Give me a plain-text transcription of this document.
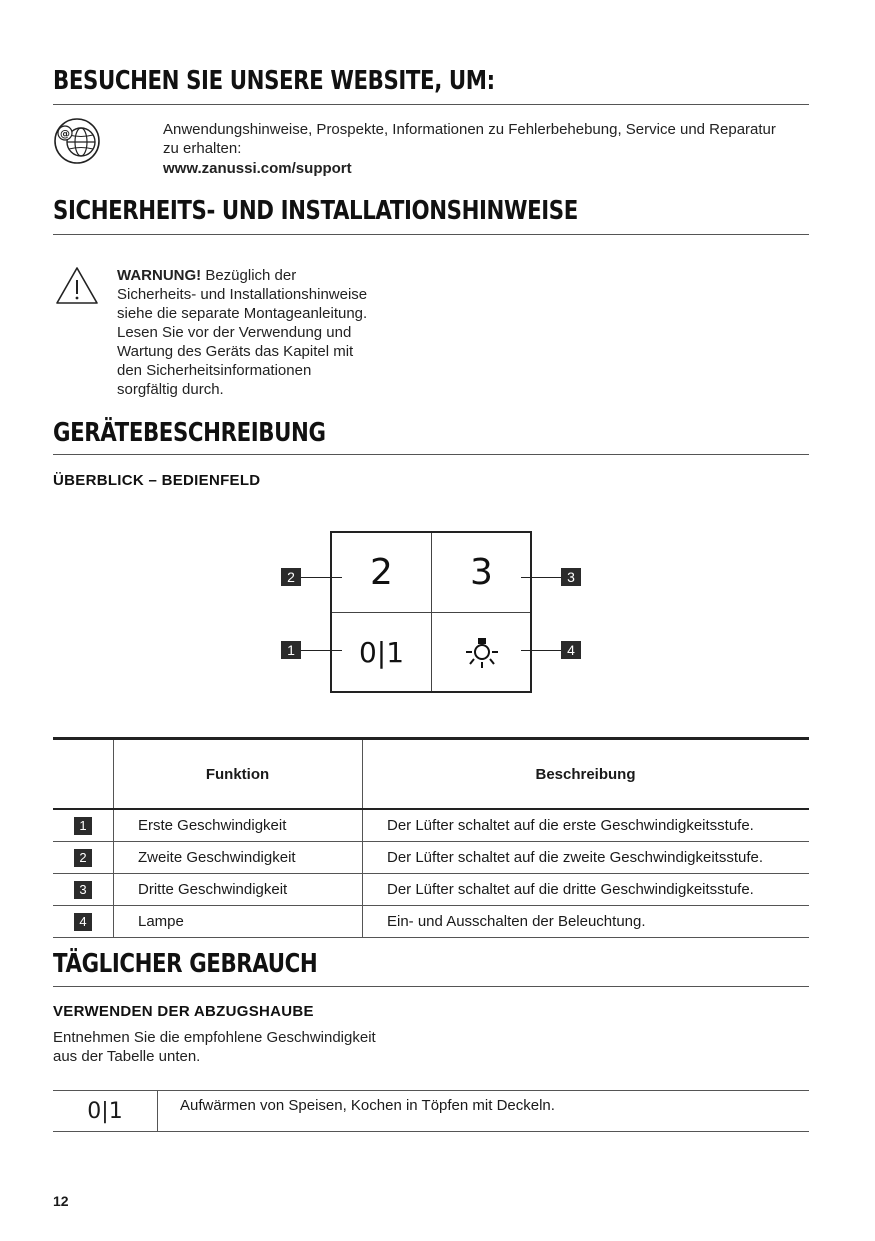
BESUCHEN SIE UNSERE WEBSITE, UM:
@	Anwendungshinweise, Prospekte, Informationen zu Fehlerbehebung, Service und Reparatur
zu erhalten:
www.zanussi.com/support
SICHERHEITS- UND INSTALLATIONSHINWEISE
WARNUNG! Bezüglich der
Sicherheits- und Installationshinweise
siehe die separate Montageanleitung.
Lesen Sie vor der Verwendung und
Wartung des Geräts das Kapitel mit
den Sicherheitsinformationen
sorgfältig durch.
GERÄTEBESCHREIBUNG
ÜBERBLICK – BEDIENFELD
2	3
0|1
2	3
1	4
	Funktion	Beschreibung
1	Erste Geschwindigkeit	Der Lüfter schaltet auf die erste Geschwindigkeitsstufe.
2	Zweite Geschwindigkeit	Der Lüfter schaltet auf die zweite Geschwindigkeitsstufe.
3	Dritte Geschwindigkeit	Der Lüfter schaltet auf die dritte Geschwindigkeitsstufe.
4	Lampe	Ein- und Ausschalten der Beleuchtung.
TÄGLICHER GEBRAUCH
VERWENDEN DER ABZUGSHAUBE
Entnehmen Sie die empfohlene Geschwindigkeit
aus der Tabelle unten.
0|1	Aufwärmen von Speisen, Kochen in Töpfen mit Deckeln.
12
